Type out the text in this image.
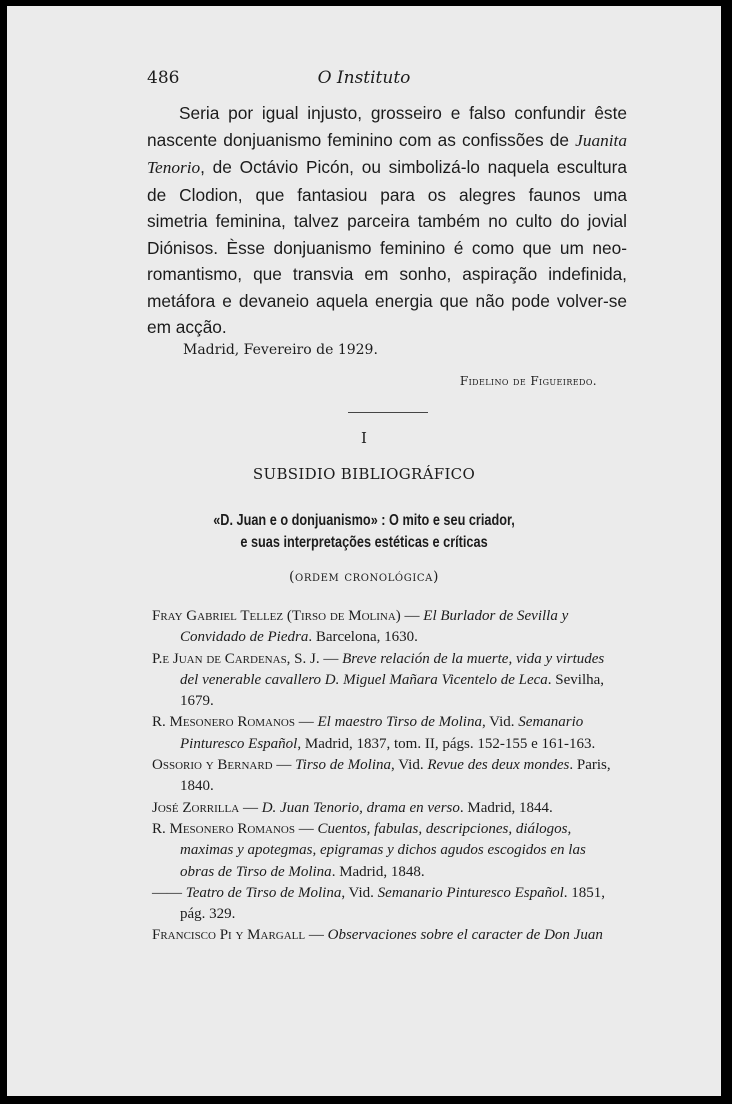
486	O Instituto

Seria por igual injusto, grosseiro e falso confundir êste nascente donjuanismo feminino com as confissões de Juanita Tenorio, de Octávio Picón, ou simbolizá-lo naquela escultura de Clodion, que fantasiou para os alegres faunos uma simetria feminina, talvez parceira também no culto do jovial Diónisos. Èsse donjuanismo feminino é como que um neo-romantismo, que transvia em sonho, aspiração indefinida, metáfora e devaneio aquela energia que não pode volver-se em acção.

Madrid, Fevereiro de 1929.
Fidelino de Figueiredo.
I
SUBSIDIO BIBLIOGRÁFICO
«D. Juan e o donjuanismo» : O mito e seu criador,
e suas interpretações estéticas e críticas
(ordem cronológica)

Fray Gabriel Tellez (Tirso de Molina) — El Burlador de Sevilla y Convidado de Piedra. Barcelona, 1630.

P.e Juan de Cardenas, S. J. — Breve relación de la muerte, vida y virtudes del venerable cavallero D. Miguel Mañara Vicentelo de Leca. Sevilha, 1679.

R. Mesonero Romanos — El maestro Tirso de Molina, Vid. Semanario Pinturesco Español, Madrid, 1837, tom. II, págs. 152-155 e 161-163.

Ossorio y Bernard — Tirso de Molina, Vid. Revue des deux mondes. Paris, 1840.

José Zorrilla — D. Juan Tenorio, drama en verso. Madrid, 1844.

R. Mesonero Romanos — Cuentos, fabulas, descripciones, diálogos, maximas y apotegmas, epigramas y dichos agudos escogidos en las obras de Tirso de Molina. Madrid, 1848.

—— Teatro de Tirso de Molina, Vid. Semanario Pinturesco Español. 1851, pág. 329.

Francisco Pi y Margall — Observaciones sobre el caracter de Don Juan
